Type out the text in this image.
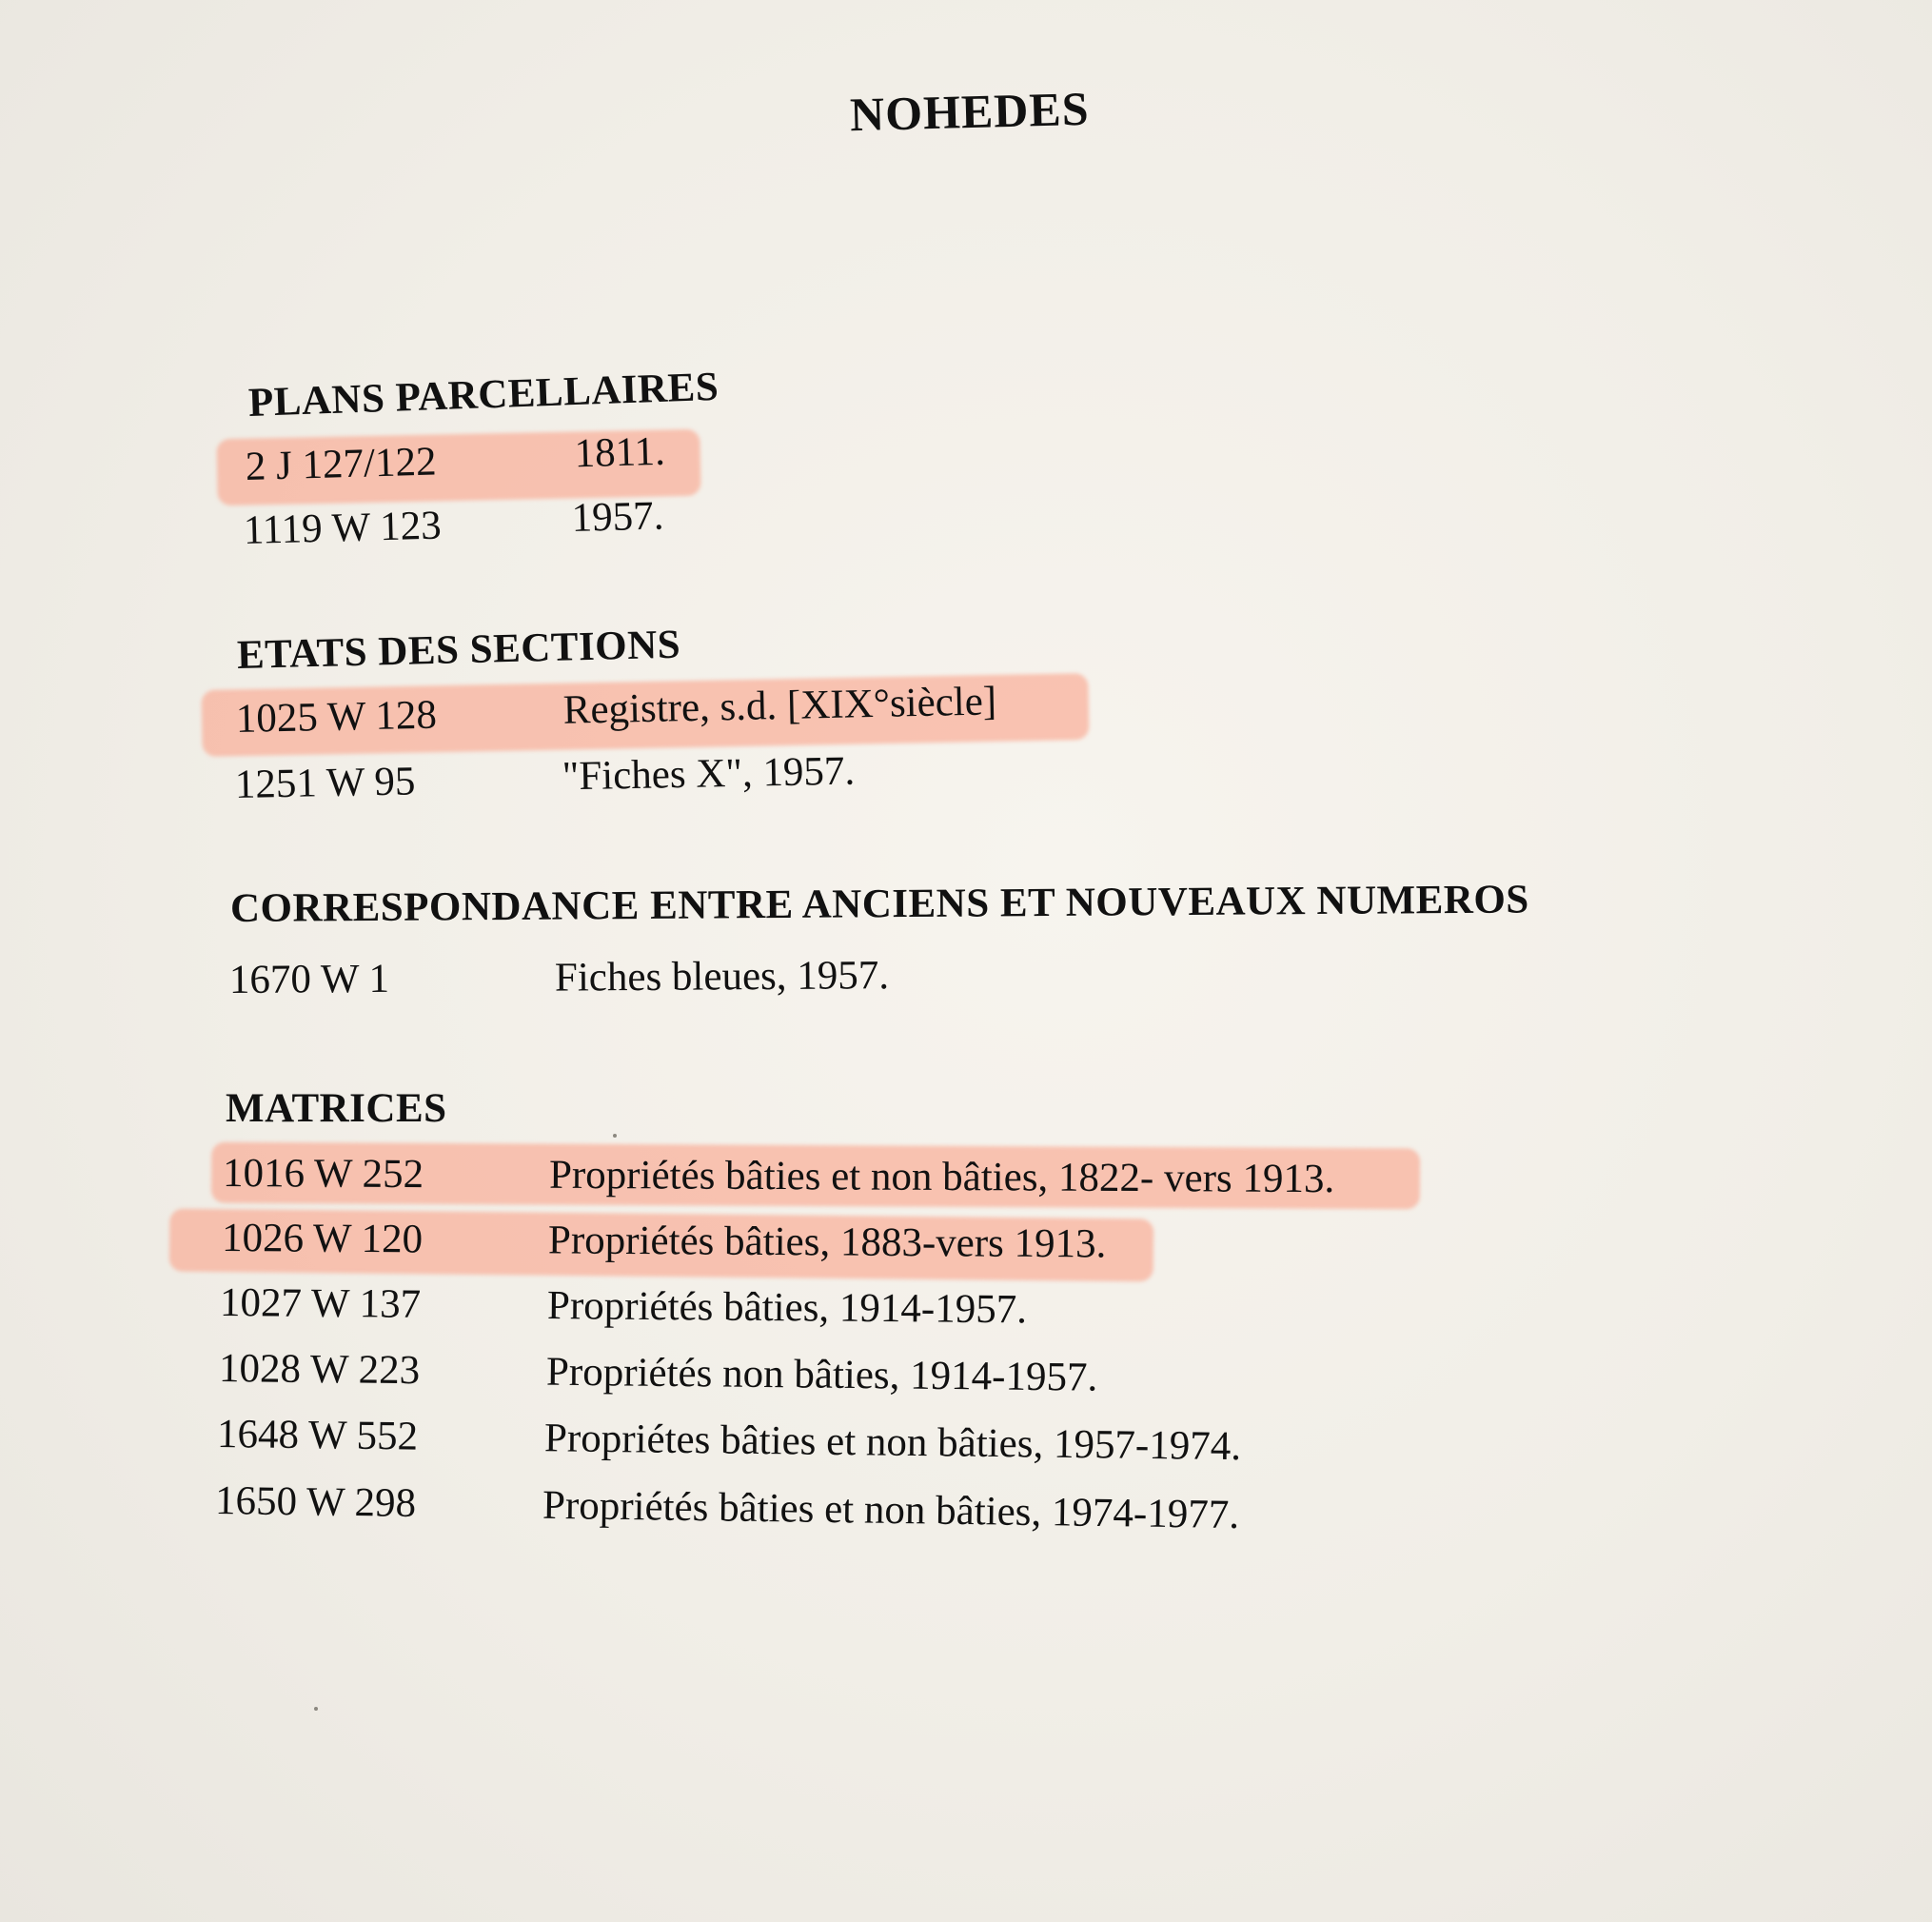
NOHEDES
PLANS PARCELLAIRES
2 J 127/122	1811.
1119 W 123	1957.
ETATS DES SECTIONS
1025 W 128	Registre, s.d. [XIX°siècle]
1251 W 95	"Fiches X", 1957.
CORRESPONDANCE ENTRE ANCIENS ET NOUVEAUX NUMEROS
1670 W 1	Fiches bleues, 1957.
MATRICES
1016 W 252	Propriétés bâties et non bâties, 1822- vers 1913.
1026 W 120	Propriétés bâties, 1883-vers 1913.
1027 W 137	Propriétés bâties, 1914-1957.
1028 W 223	Propriétés non bâties, 1914-1957.
1648 W 552	Propriétes bâties et non bâties, 1957-1974.
1650 W 298	Propriétés bâties et non bâties, 1974-1977.
